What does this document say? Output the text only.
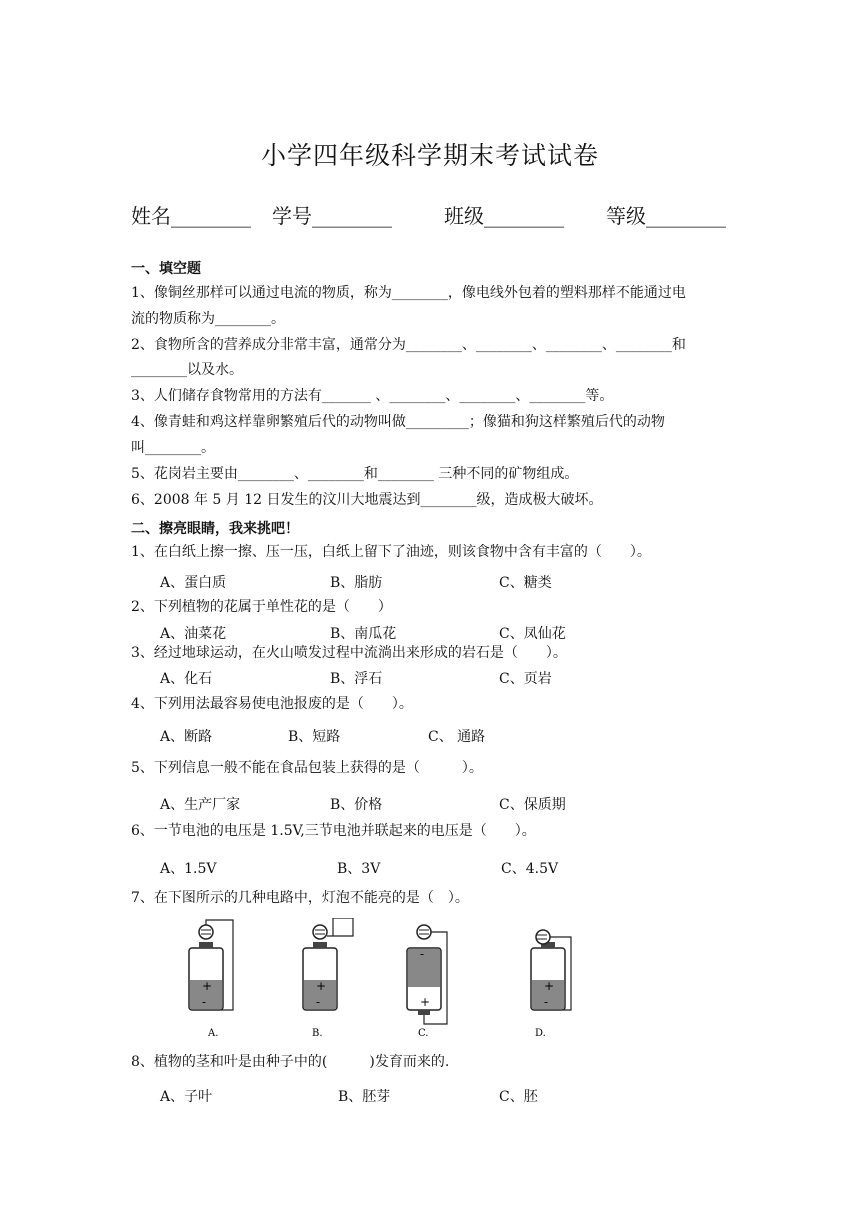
小学四年级科学期末考试试卷
姓名________ 学号________	班级________ 等级________
一、填空题
1、像铜丝那样可以通过电流的物质，称为________，像电线外包着的塑料那样不能通过电
流的物质称为________。
2、食物所含的营养成分非常丰富，通常分为________、________、________、________和
________以及水。
3、人们储存食物常用的方法有_______ 、________、________、________等。
4、像青蛙和鸡这样靠卵繁殖后代的动物叫做_________；像猫和狗这样繁殖后代的动物
叫________。
5、花岗岩主要由________、________和________ 三种不同的矿物组成。
6、2008 年 5 月 12 日发生的汶川大地震达到________级，造成极大破坏。
二、擦亮眼睛，我来挑吧！
1、在白纸上擦一擦、压一压，白纸上留下了油迹，则该食物中含有丰富的（　　）。
A、蛋白质	B、脂肪	C、糖类
2、下列植物的花属于单性花的是（　　）
A、油菜花	B、南瓜花	C、凤仙花
3、经过地球运动，在火山喷发过程中流淌出来形成的岩石是（　　）。
A、化石	B、浮石	C、页岩
4、下列用法最容易使电池报废的是（　　）。
A、断路	B、短路	C、 通路
5、下列信息一般不能在食品包装上获得的是（　　　）。
A、生产厂家	B、价格	C、保质期
6、一节电池的电压是 1.5V,三节电池并联起来的电压是（　　）。
A、1.5V	B、3V	C、4.5V
7、在下图所示的几种电路中，灯泡不能亮的是（　）。
+
-
+
-
-
+
+
-
A.	B.	C.	D.
8、植物的茎和叶是由种子中的(　　　)发育而来的.
A、子叶	B、胚芽	C、胚
